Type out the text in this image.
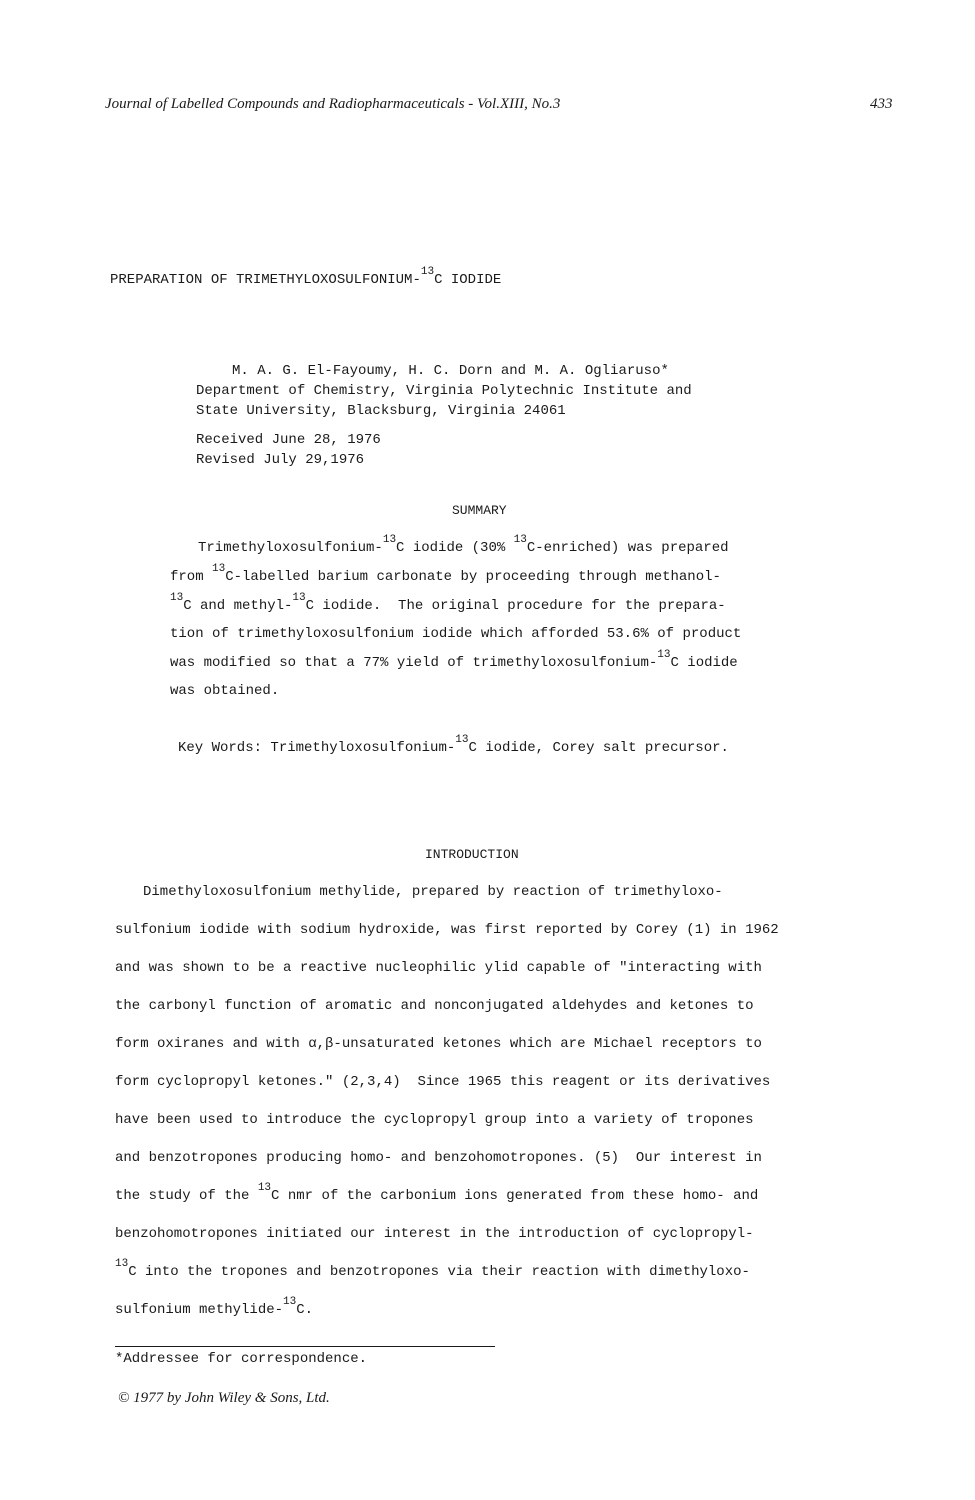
Journal of Labelled Compounds and Radiopharmaceuticals - Vol.XIII, No.3	433
PREPARATION OF TRIMETHYLOXOSULFONIUM-$^{13}$C IODIDE
M. A. G. El-Fayoumy, H. C. Dorn and M. A. Ogliaruso*
Department of Chemistry, Virginia Polytechnic Institute and
State University, Blacksburg, Virginia 24061
Received June 28, 1976
Revised July 29,1976
SUMMARY
Trimethyloxosulfonium-$^{13}$C iodide (30% $^{13}$C-enriched) was prepared
from $^{13}$C-labelled barium carbonate by proceeding through methanol-
$^{13}$C and methyl-$^{13}$C iodide.  The original procedure for the prepara-
tion of trimethyloxosulfonium iodide which afforded 53.6% of product
was modified so that a 77% yield of trimethyloxosulfonium-$^{13}$C iodide
was obtained.
Key Words: Trimethyloxosulfonium-$^{13}$C iodide, Corey salt precursor.
INTRODUCTION
Dimethyloxosulfonium methylide, prepared by reaction of trimethyloxo-
sulfonium iodide with sodium hydroxide, was first reported by Corey (1) in 1962
and was shown to be a reactive nucleophilic ylid capable of "interacting with
the carbonyl function of aromatic and nonconjugated aldehydes and ketones to
form oxiranes and with α,β-unsaturated ketones which are Michael receptors to
form cyclopropyl ketones." (2,3,4)  Since 1965 this reagent or its derivatives
have been used to introduce the cyclopropyl group into a variety of tropones
and benzotropones producing homo- and benzohomotropones. (5)  Our interest in
the study of the $^{13}$C nmr of the carbonium ions generated from these homo- and
benzohomotropones initiated our interest in the introduction of cyclopropyl-
$^{13}$C into the tropones and benzotropones via their reaction with dimethyloxo-
sulfonium methylide-$^{13}$C.
*Addressee for correspondence.
© 1977 by John Wiley & Sons, Ltd.
